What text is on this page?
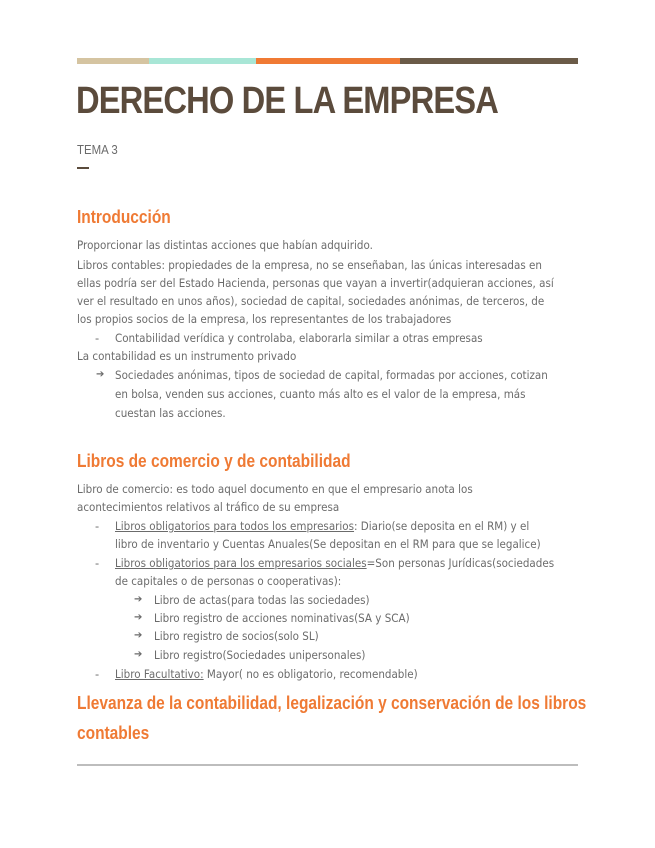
DERECHO DE LA EMPRESA
TEMA 3
Introducción
Proporcionar las distintas acciones que habían adquirido.
Libros contables: propiedades de la empresa, no se enseñaban, las únicas interesadas en
ellas podría ser del Estado Hacienda, personas que vayan a invertir(adquieran acciones, así
ver el resultado en unos años), sociedad de capital, sociedades anónimas, de terceros, de
los propios socios de la empresa, los representantes de los trabajadores
- Contabilidad verídica y controlaba, elaborarla similar a otras empresas
La contabilidad es un instrumento privado
➔ Sociedades anónimas, tipos de sociedad de capital, formadas por acciones, cotizan
en bolsa, venden sus acciones, cuanto más alto es el valor de la empresa, más
cuestan las acciones.
Libros de comercio y de contabilidad
Libro de comercio: es todo aquel documento en que el empresario anota los
acontecimientos relativos al tráfico de su empresa
- Libros obligatorios para todos los empresarios: Diario(se deposita en el RM) y el
libro de inventario y Cuentas Anuales(Se depositan en el RM para que se legalice)
- Libros obligatorios para los empresarios sociales=Son personas Jurídicas(sociedades
de capitales o de personas o cooperativas):
➔ Libro de actas(para todas las sociedades)
➔ Libro registro de acciones nominativas(SA y SCA)
➔ Libro registro de socios(solo SL)
➔ Libro registro(Sociedades unipersonales)
- Libro Facultativo: Mayor( no es obligatorio, recomendable)
Llevanza de la contabilidad, legalización y conservación de los libros
contables
